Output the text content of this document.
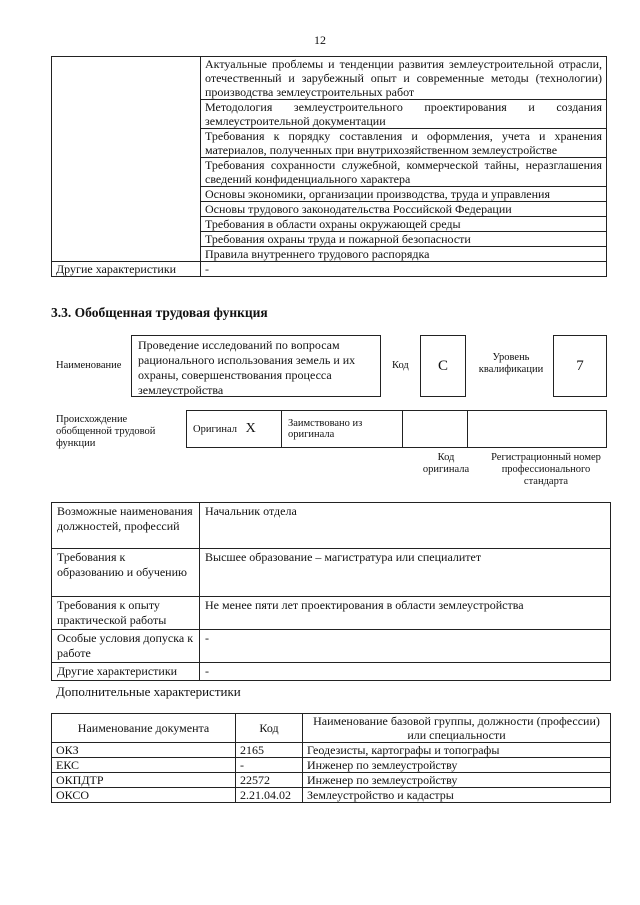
12
	Актуальные проблемы и тенденции развития землеустроительной отрасли, отечественный и зарубежный опыт и современные методы (технологии) производства землеустроительных работ
	Методология землеустроительного проектирования и создания землеустроительной документации
	Требования к порядку составления и оформления, учета и хранения материалов, полученных при внутрихозяйственном землеустройстве
	Требования сохранности служебной, коммерческой тайны, неразглашения сведений конфиденциального характера
	Основы экономики, организации производства, труда и управления
	Основы трудового законодательства Российской Федерации
	Требования в области охраны окружающей среды
	Требования охраны труда и пожарной безопасности
	Правила внутреннего трудового распорядка
Другие характеристики	-
3.3. Обобщенная трудовая функция
Наименование
Проведение исследований по вопросам рационального использования земель и их охраны, совершенствования процесса землеустройства
Код	C	Уровень квалификации	7
Происхождение обобщенной трудовой функции
Оригинал X	Заимствовано из оригинала		
Код оригинала
Регистрационный номер профессионального стандарта
Возможные наименования должностей, профессий	Начальник отдела
Требования к образованию и обучению	Высшее образование – магистратура или специалитет
Требования к опыту практической работы	Не менее пяти лет проектирования в области землеустройства
Особые условия допуска к работе	-
Другие характеристики	-
Дополнительные характеристики
Наименование документа	Код	Наименование базовой группы, должности (профессии) или специальности
ОКЗ	2165	Геодезисты, картографы и топографы
ЕКС	-	Инженер по землеустройству
ОКПДТР	22572	Инженер по землеустройству
ОКСО	2.21.04.02	Землеустройство и кадастры
